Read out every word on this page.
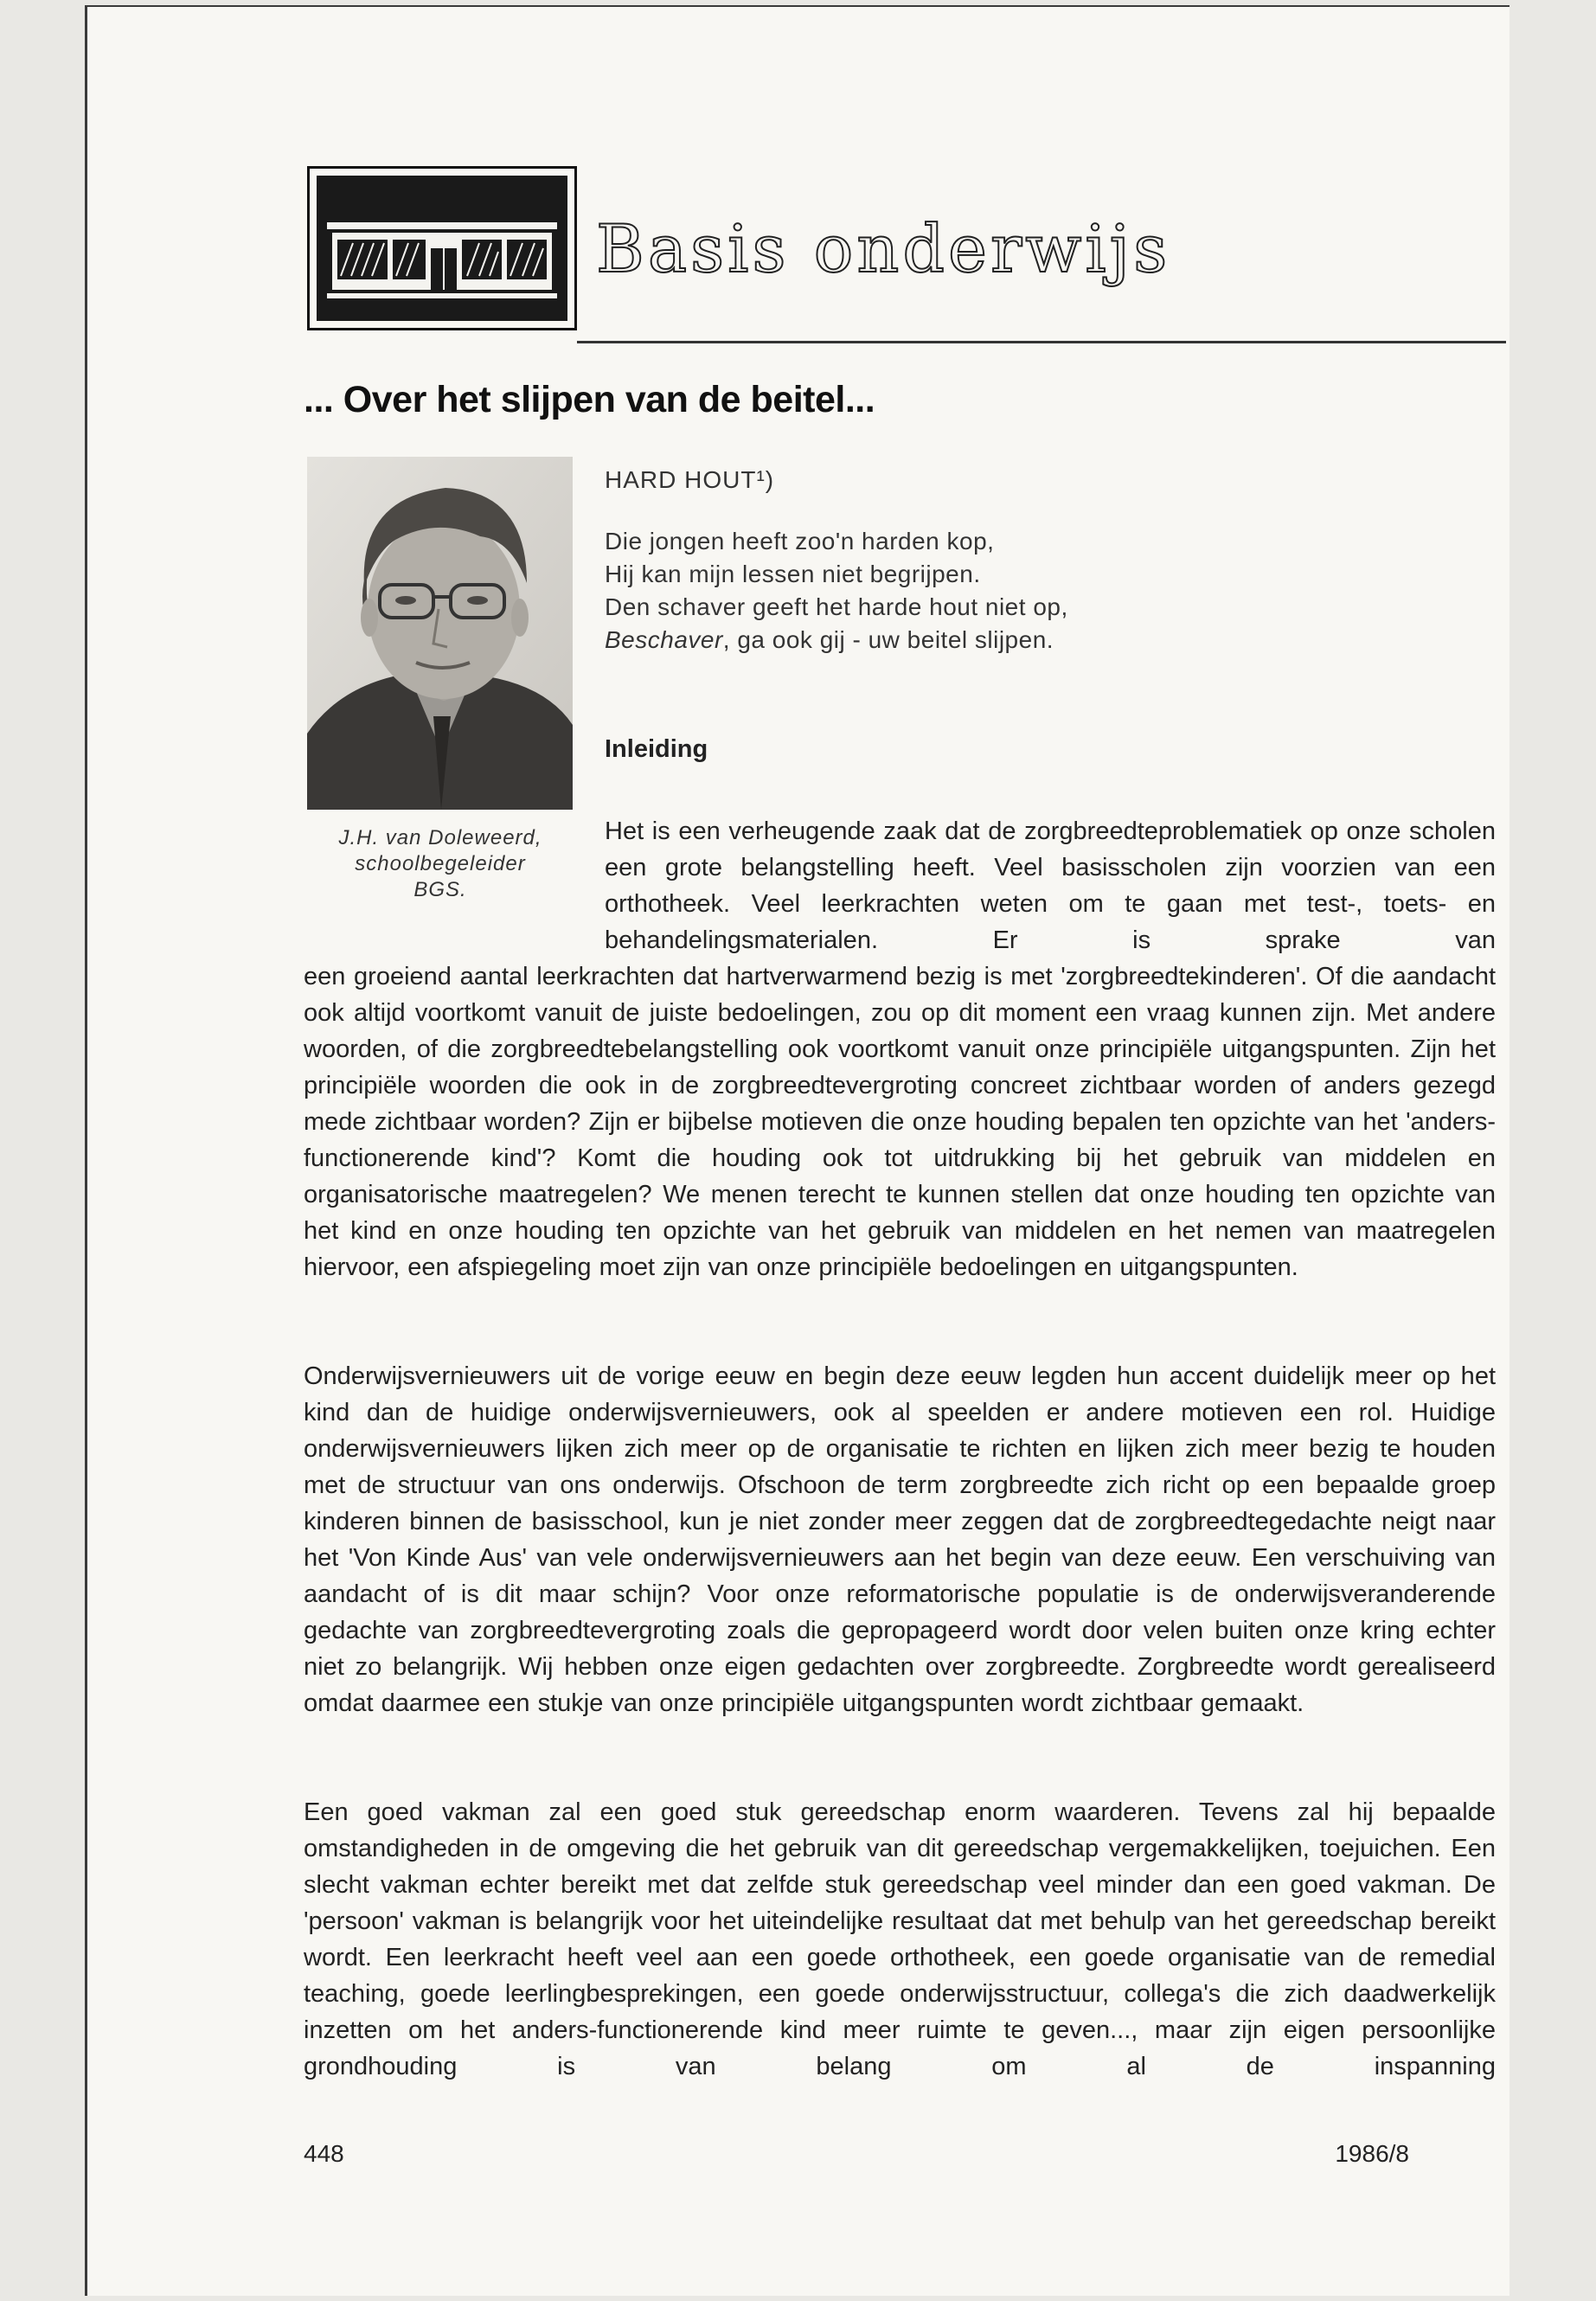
Basis onderwijs
... Over het slijpen van de beitel...
J.H. van Doleweerd,
schoolbegeleider
BGS.
HARD HOUT¹)
Die jongen heeft zoo'n harden kop,
Hij kan mijn lessen niet begrijpen.
Den schaver geeft het harde hout niet op,
Beschaver, ga ook gij - uw beitel slijpen.
Inleiding

Het is een verheugende zaak dat de zorgbreedteproblematiek op onze scholen een grote belangstelling heeft. Veel basisscholen zijn voorzien van een orthotheek. Veel leerkrachten weten om te gaan met test-, toets- en behandelingsmaterialen. Er is sprake van

een groeiend aantal leerkrachten dat hartverwarmend bezig is met 'zorgbreedtekinderen'. Of die aandacht ook altijd voortkomt vanuit de juiste bedoelingen, zou op dit moment een vraag kunnen zijn. Met andere woorden, of die zorgbreedtebelangstelling ook voortkomt vanuit onze principiële uitgangspunten. Zijn het principiële woorden die ook in de zorgbreedtevergroting concreet zichtbaar worden of anders gezegd mede zichtbaar worden? Zijn er bijbelse motieven die onze houding bepalen ten opzichte van het 'anders-functionerende kind'? Komt die houding ook tot uitdrukking bij het gebruik van middelen en organisatorische maatregelen? We menen terecht te kunnen stellen dat onze houding ten opzichte van het kind en onze houding ten opzichte van het gebruik van middelen en het nemen van maatregelen hiervoor, een afspiegeling moet zijn van onze principiële bedoelingen en uitgangspunten.

Onderwijsvernieuwers uit de vorige eeuw en begin deze eeuw legden hun accent duidelijk meer op het kind dan de huidige onderwijsvernieuwers, ook al speelden er andere motieven een rol. Huidige onderwijsvernieuwers lijken zich meer op de organisatie te richten en lijken zich meer bezig te houden met de structuur van ons onderwijs. Ofschoon de term zorgbreedte zich richt op een bepaalde groep kinderen binnen de basisschool, kun je niet zonder meer zeggen dat de zorgbreedtegedachte neigt naar het 'Von Kinde Aus' van vele onderwijsvernieuwers aan het begin van deze eeuw. Een verschuiving van aandacht of is dit maar schijn? Voor onze reformatorische populatie is de onderwijsveranderende gedachte van zorgbreedtevergroting zoals die gepropageerd wordt door velen buiten onze kring echter niet zo belangrijk. Wij hebben onze eigen gedachten over zorgbreedte. Zorgbreedte wordt gerealiseerd omdat daarmee een stukje van onze principiële uitgangspunten wordt zichtbaar gemaakt.

Een goed vakman zal een goed stuk gereedschap enorm waarderen. Tevens zal hij bepaalde omstandigheden in de omgeving die het gebruik van dit gereedschap vergemakkelijken, toejuichen. Een slecht vakman echter bereikt met dat zelfde stuk gereedschap veel minder dan een goed vakman. De 'persoon' vakman is belangrijk voor het uiteindelijke resultaat dat met behulp van het gereedschap bereikt wordt. Een leerkracht heeft veel aan een goede orthotheek, een goede organisatie van de remedial teaching, goede leerlingbesprekingen, een goede onderwijsstructuur, collega's die zich daadwerkelijk inzetten om het anders-functionerende kind meer ruimte te geven..., maar zijn eigen persoonlijke grondhouding is van belang om al de inspanning

448	1986/8
